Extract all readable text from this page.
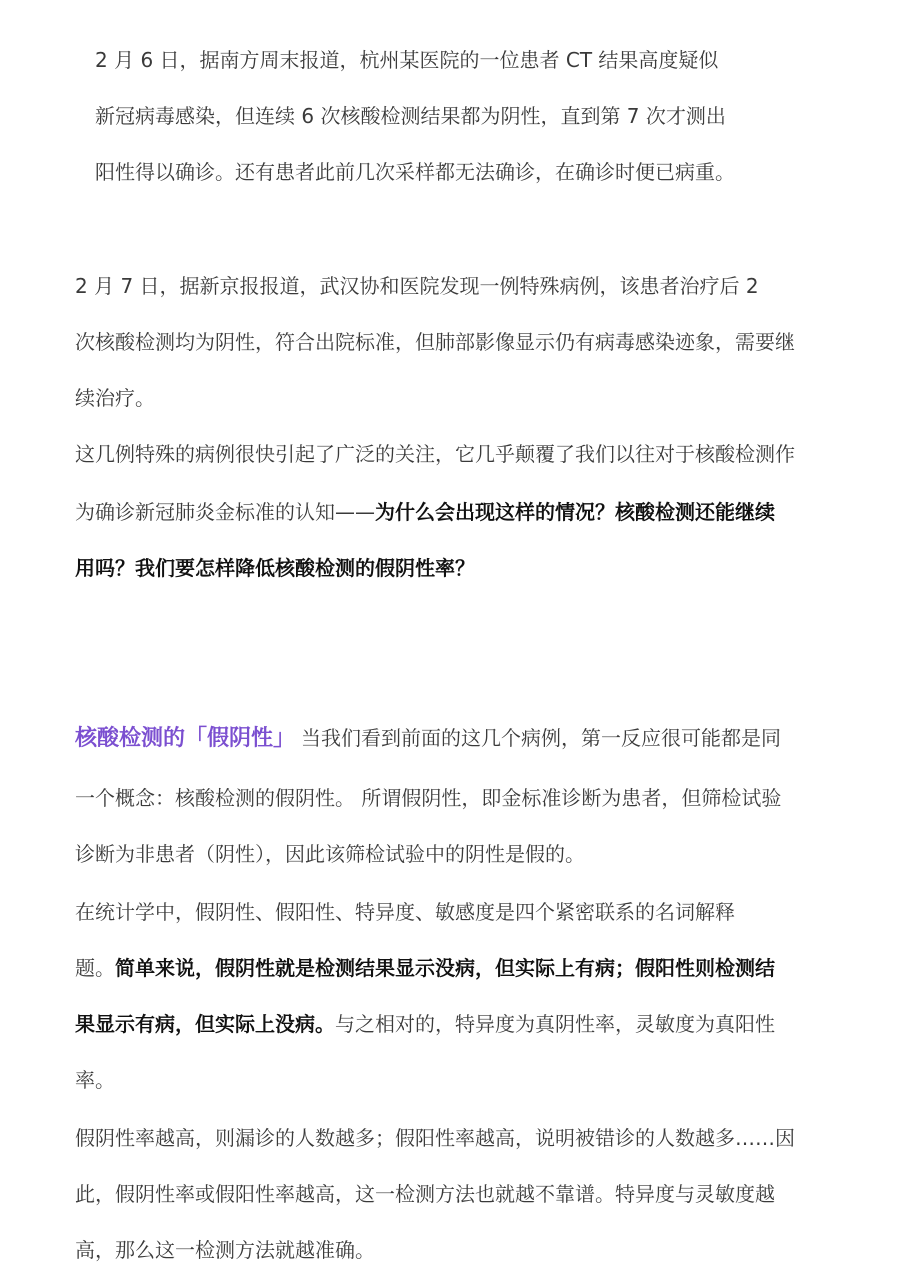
2 月 6 日，据南方周末报道，杭州某医院的一位患者 CT 结果高度疑似
新冠病毒感染，但连续 6 次核酸检测结果都为阴性，直到第 7 次才测出
阳性得以确诊。还有患者此前几次采样都无法确诊，在确诊时便已病重。
2 月 7 日，据新京报报道，武汉协和医院发现一例特殊病例，该患者治疗后 2
次核酸检测均为阴性，符合出院标准，但肺部影像显示仍有病毒感染迹象，需要继
续治疗。
这几例特殊的病例很快引起了广泛的关注，它几乎颠覆了我们以往对于核酸检测作
为确诊新冠肺炎金标准的认知——为什么会出现这样的情况？核酸检测还能继续
用吗？我们要怎样降低核酸检测的假阴性率？
核酸检测的「假阴性」 当我们看到前面的这几个病例，第一反应很可能都是同
一个概念：核酸检测的假阴性。 所谓假阴性，即金标准诊断为患者，但筛检试验
诊断为非患者（阴性），因此该筛检试验中的阴性是假的。
在统计学中，假阴性、假阳性、特异度、敏感度是四个紧密联系的名词解释
题。简单来说，假阴性就是检测结果显示没病，但实际上有病；假阳性则检测结
果显示有病，但实际上没病。与之相对的，特异度为真阴性率，灵敏度为真阳性
率。
假阴性率越高，则漏诊的人数越多；假阳性率越高，说明被错诊的人数越多……因
此，假阴性率或假阳性率越高，这一检测方法也就越不靠谱。特异度与灵敏度越
高，那么这一检测方法就越准确。
